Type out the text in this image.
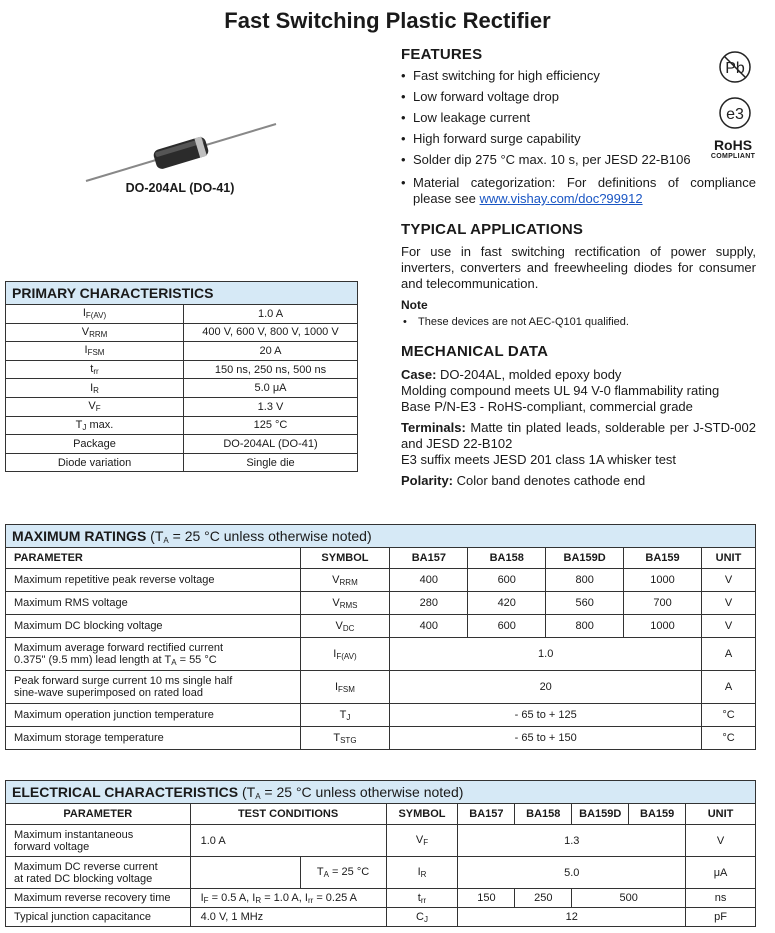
Fast Switching Plastic Rectifier
DO-204AL (DO-41)
Pb
e3
RoHS
COMPLIANT
FEATURES
• Fast switching for high efficiency
• Low forward voltage drop
• Low leakage current
• High forward surge capability
• Solder dip 275 °C max. 10 s, per JESD 22-B106
• Material categorization: For definitions of compliance please see www.vishay.com/doc?99912
TYPICAL APPLICATIONS
For use in fast switching rectification of power supply, inverters, converters and freewheeling diodes for consumer and telecommunication.
Note
• These devices are not AEC-Q101 qualified.
MECHANICAL DATA
Case: DO-204AL, molded epoxy body
Molding compound meets UL 94 V-0 flammability rating
Base P/N-E3 - RoHS-compliant, commercial grade
Terminals: Matte tin plated leads, solderable per J-STD-002 and JESD 22-B102
E3 suffix meets JESD 201 class 1A whisker test
Polarity: Color band denotes cathode end
PRIMARY CHARACTERISTICS	
$I_{F(AV)}$	1.0 A
$V_{RRM}$	400 V, 600 V, 800 V, 1000 V
$I_{FSM}$	20 A
$t_{rr}$	150 ns, 250 ns, 500 ns
$I_R$	5.0 μA
$V_F$	1.3 V
$T_J$ max.	125 °C
Package	DO-204AL (DO-41)
Diode variation	Single die
MAXIMUM RATINGS ($T_A = 25$ °C unless otherwise noted)						
PARAMETER	SYMBOL	BA157	BA158	BA159D	BA159	UNIT
Maximum repetitive peak reverse voltage	$V_{RRM}$	400	600	800	1000	V
Maximum RMS voltage	$V_{RMS}$	280	420	560	700	V
Maximum DC blocking voltage	$V_{DC}$	400	600	800	1000	V

Maximum average forward rectified current
0.375" (9.5 mm) lead length at $T_A = 55$ °C	$I_{F(AV)}$	1.0				A

Peak forward surge current 10 ms single half
sine-wave superimposed on rated load	$I_{FSM}$	20				A
Maximum operation junction temperature	$T_J$	- 65 to + 125				°C
Maximum storage temperature	$T_{STG}$	- 65 to + 150				°C
ELECTRICAL CHARACTERISTICS ($T_A = 25$ °C unless otherwise noted)								
PARAMETER	TEST CONDITIONS		SYMBOL	BA157	BA158	BA159D	BA159	UNIT

Maximum instantaneous
forward voltage	1.0 A		$V_F$	1.3				V

Maximum DC reverse current
at rated DC blocking voltage		$T_A = 25$ °C	$I_R$	5.0				μA
Maximum reverse recovery time	$I_F = 0.5$ A, $I_R = 1.0$ A, $I_{rr} = 0.25$ A		$t_{rr}$	150	250	500		ns
Typical junction capacitance	4.0 V, 1 MHz		$C_J$	12				pF
